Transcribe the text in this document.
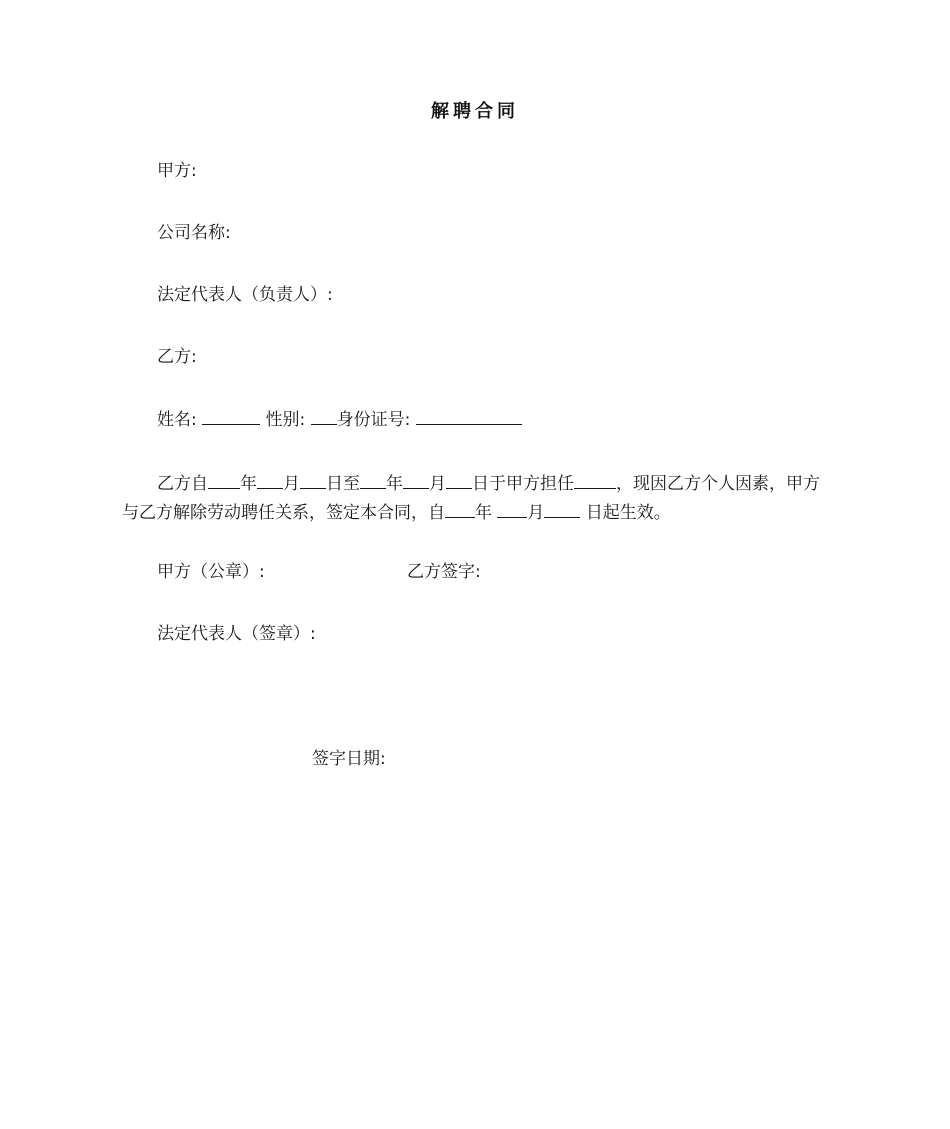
解聘合同
甲方:
公司名称:
法定代表人（负责人）:
乙方:
姓名:	性别: 身份证号:
乙方自 年 月 日至 年 月 日于甲方担任 ，现因乙方个人因素，甲方与乙方解除劳动聘任关系，签定本合同，自 年 月 日起生效。
甲方（公章）:	乙方签字:
法定代表人（签章）:
签字日期:
